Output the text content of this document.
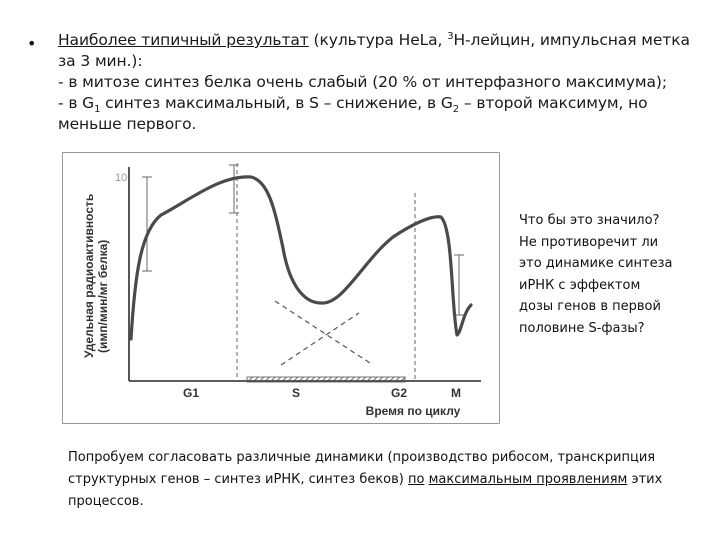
• Наиболее типичный результат (культура HeLa, $^3$H-лейцин, импульсная метка за 3 мин.):
- в митозе синтез белка очень слабый (20 % от интерфазного максимума);
- в $G_1$ синтез максимальный, в S – снижение, в $G_2$ – второй максимум, но меньше первого.
Удельная радиоактивность (имп/мин/мг белка)
10
G1	S	G2	M
Время по циклу
Что бы это значило?
Не противоречит ли
это динамике синтеза
иРНК с эффектом
дозы генов в первой
половине S-фазы?
Попробуем согласовать различные динамики (производство рибосом, транскрипция структурных генов – синтез иРНК, синтез беков) по максимальным проявлениям этих процессов.
